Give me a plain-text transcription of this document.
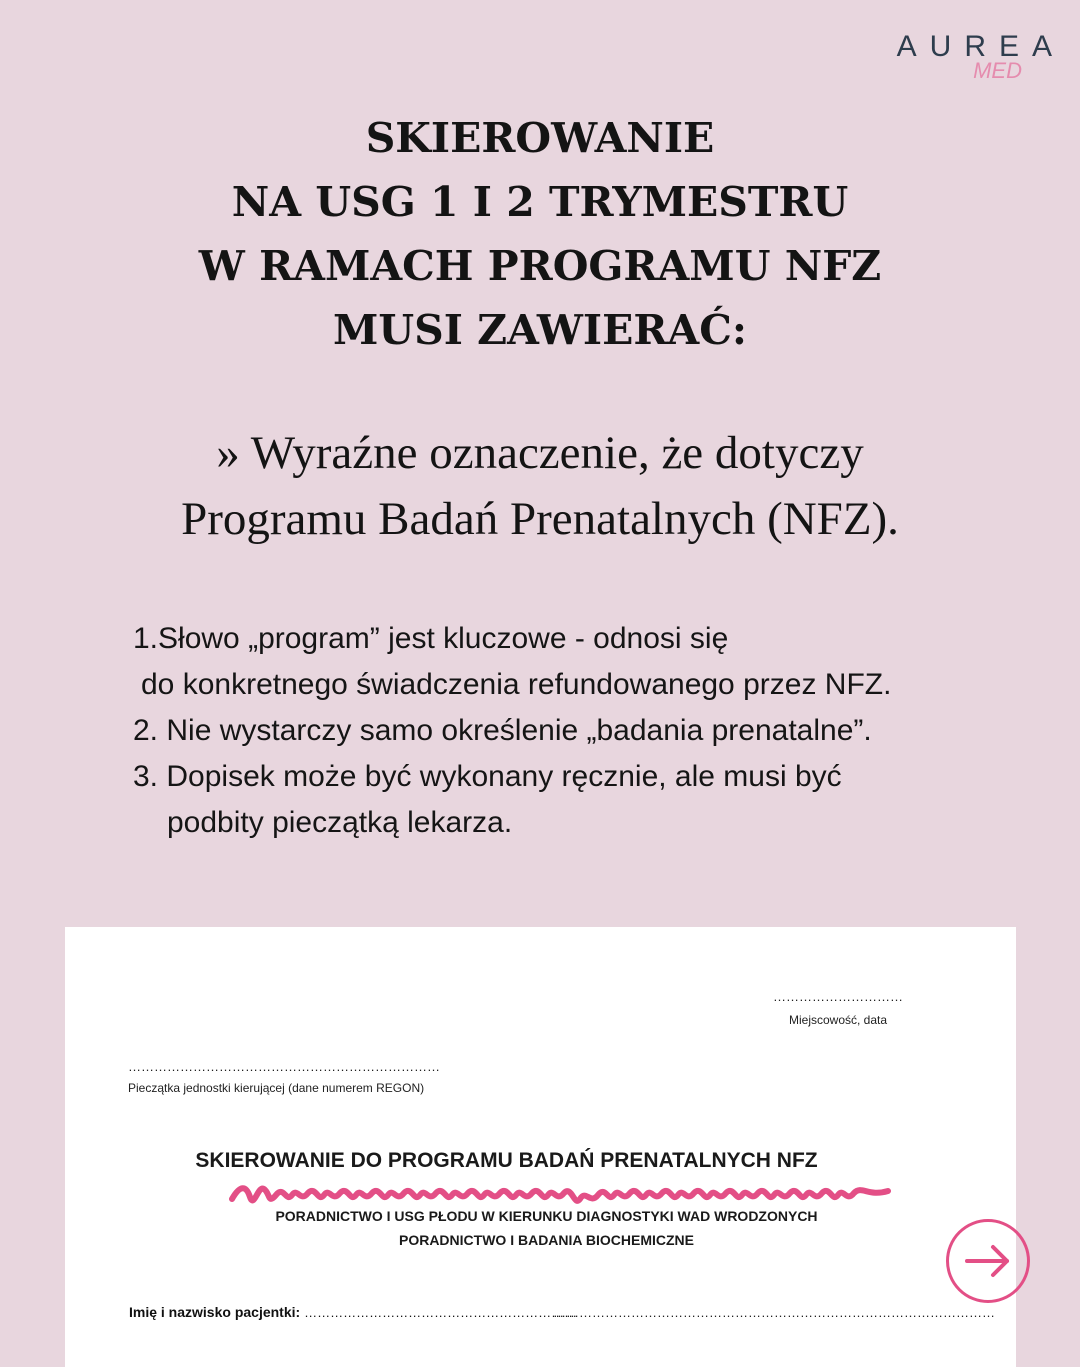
AUREA
MED
SKIEROWANIE
NA USG 1 I 2 TRYMESTRU
W RAMACH PROGRAMU NFZ
MUSI ZAWIERAĆ:
» Wyraźne oznaczenie, że dotyczy
Programu Badań Prenatalnych (NFZ).
1.Słowo „program” jest kluczowe - odnosi się
do konkretnego świadczenia refundowanego przez NFZ.
2. Nie wystarczy samo określenie „badania prenatalne”.
3. Dopisek może być wykonany ręcznie, ale musi być
podbity pieczątką lekarza.
…………………………
Miejscowość, data
………………………………………………………………
Pieczątka jednostki kierującej (dane numerem REGON)
SKIEROWANIE DO PROGRAMU BADAŃ PRENATALNYCH NFZ
PORADNICTWO I USG PŁODU W KIERUNKU DIAGNOSTYKI WAD WRODZONYCH
PORADNICTWO I BADANIA BIOCHEMICZNE
Imię i nazwisko pacjentki: ………………………………………………………
…………………………………………………………………………………………
